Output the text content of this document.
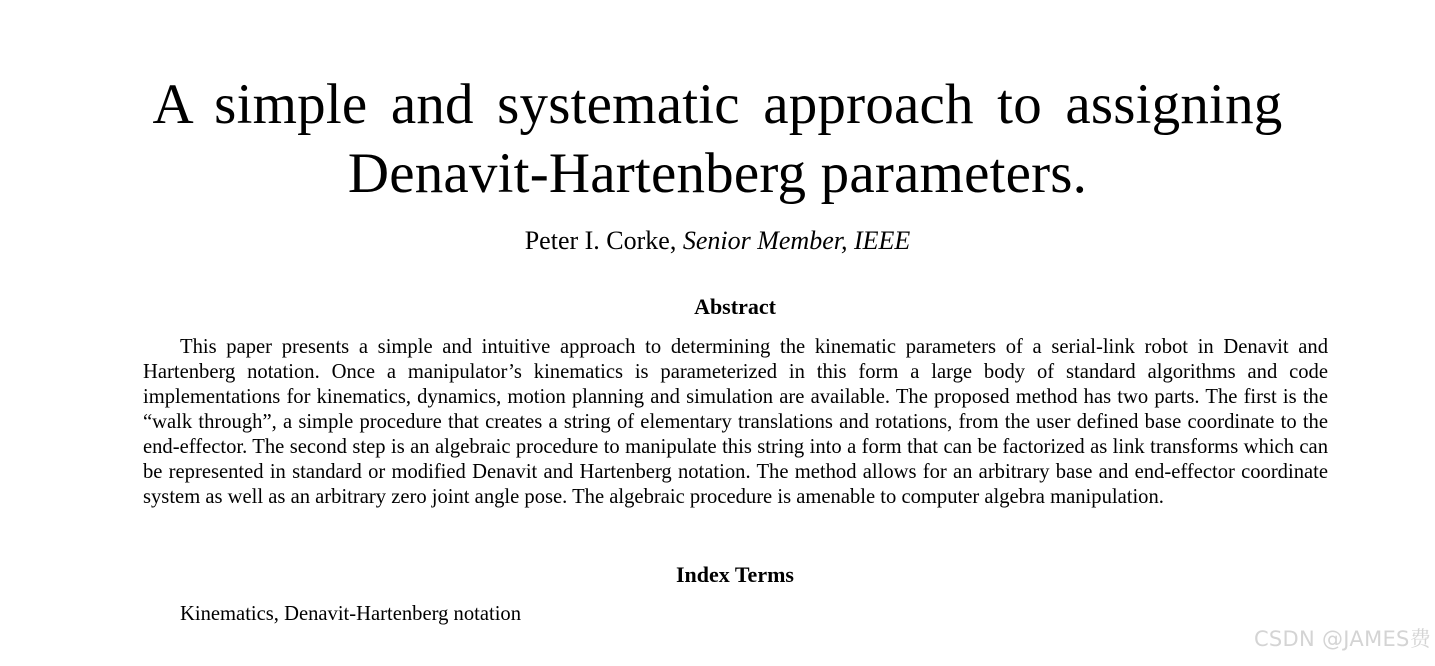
A simple and systematic approach to assigning
Denavit-Hartenberg parameters.
Peter I. Corke, Senior Member, IEEE
Abstract

This paper presents a simple and intuitive approach to determining the kinematic parameters of a serial-link robot in Denavit and Hartenberg notation. Once a manipulator’s kinematics is parameterized in this form a large body of standard algorithms and code implementations for kinematics, dynamics, motion planning and simulation are available. The proposed method has two parts. The first is the “walk through”, a simple procedure that creates a string of elementary translations and rotations, from the user defined base coordinate to the end-effector. The second step is an algebraic procedure to manipulate this string into a form that can be factorized as link transforms which can be represented in standard or modified Denavit and Hartenberg notation. The method allows for an arbitrary base and end-effector coordinate system as well as an arbitrary zero joint angle pose. The algebraic procedure is amenable to computer algebra manipulation.

Index Terms

Kinematics, Denavit-Hartenberg notation

CSDN @JAMES费
